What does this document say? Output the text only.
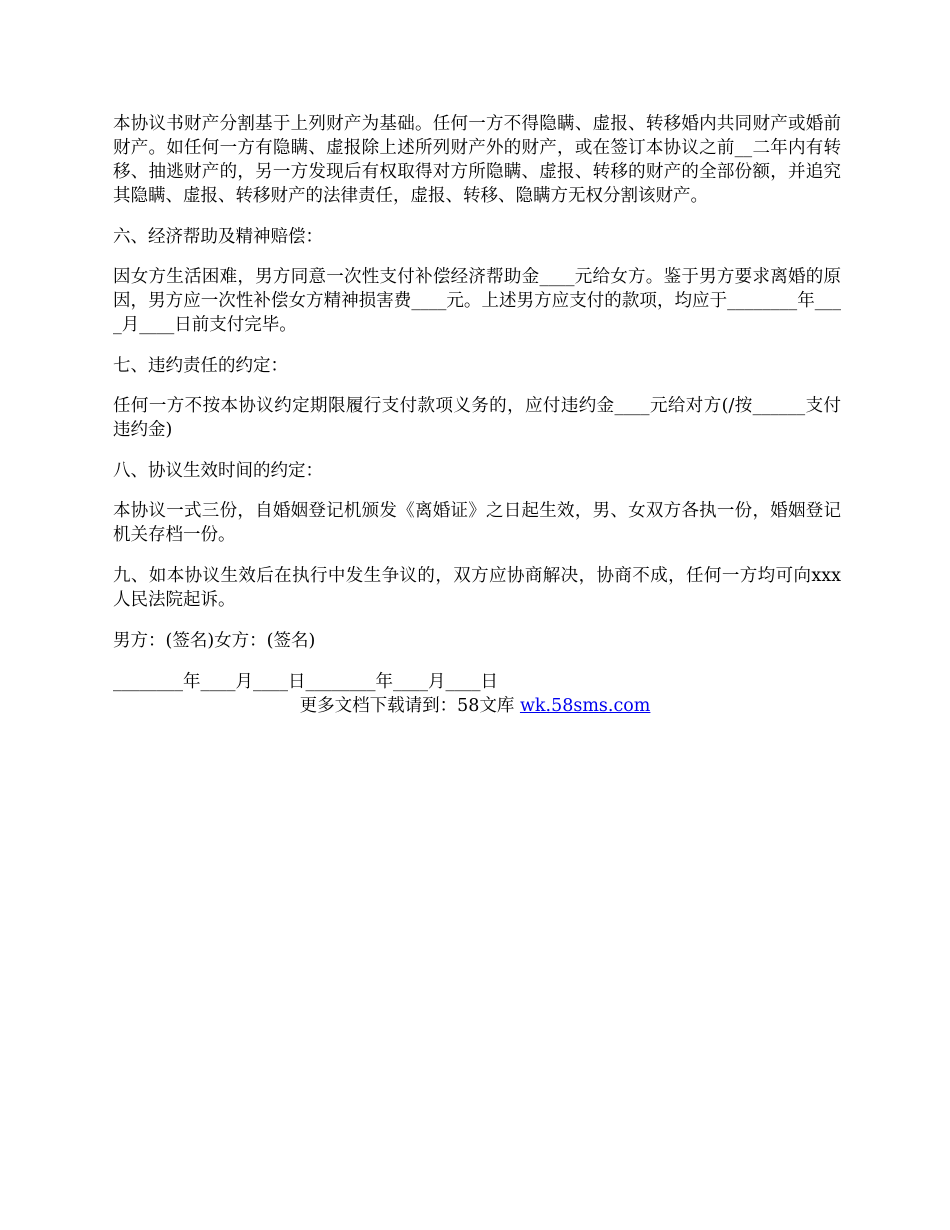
本协议书财产分割基于上列财产为基础。任何一方不得隐瞒、虚报、转移婚内共同财产或婚前财产。如任何一方有隐瞒、虚报除上述所列财产外的财产，或在签订本协议之前__二年内有转移、抽逃财产的，另一方发现后有权取得对方所隐瞒、虚报、转移的财产的全部份额，并追究其隐瞒、虚报、转移财产的法律责任，虚报、转移、隐瞒方无权分割该财产。

六、经济帮助及精神赔偿：

因女方生活困难，男方同意一次性支付补偿经济帮助金____元给女方。鉴于男方要求离婚的原因，男方应一次性补偿女方精神损害费____元。上述男方应支付的款项，均应于________年____月____日前支付完毕。

七、违约责任的约定：

任何一方不按本协议约定期限履行支付款项义务的，应付违约金____元给对方(/按______支付违约金)

八、协议生效时间的约定：

本协议一式三份，自婚姻登记机颁发《离婚证》之日起生效，男、女双方各执一份，婚姻登记机关存档一份。

九、如本协议生效后在执行中发生争议的，双方应协商解决，协商不成，任何一方均可向xxx人民法院起诉。

男方：(签名)女方：(签名)

________年____月____日________年____月____日

更多文档下载请到：58文库 wk.58sms.com
